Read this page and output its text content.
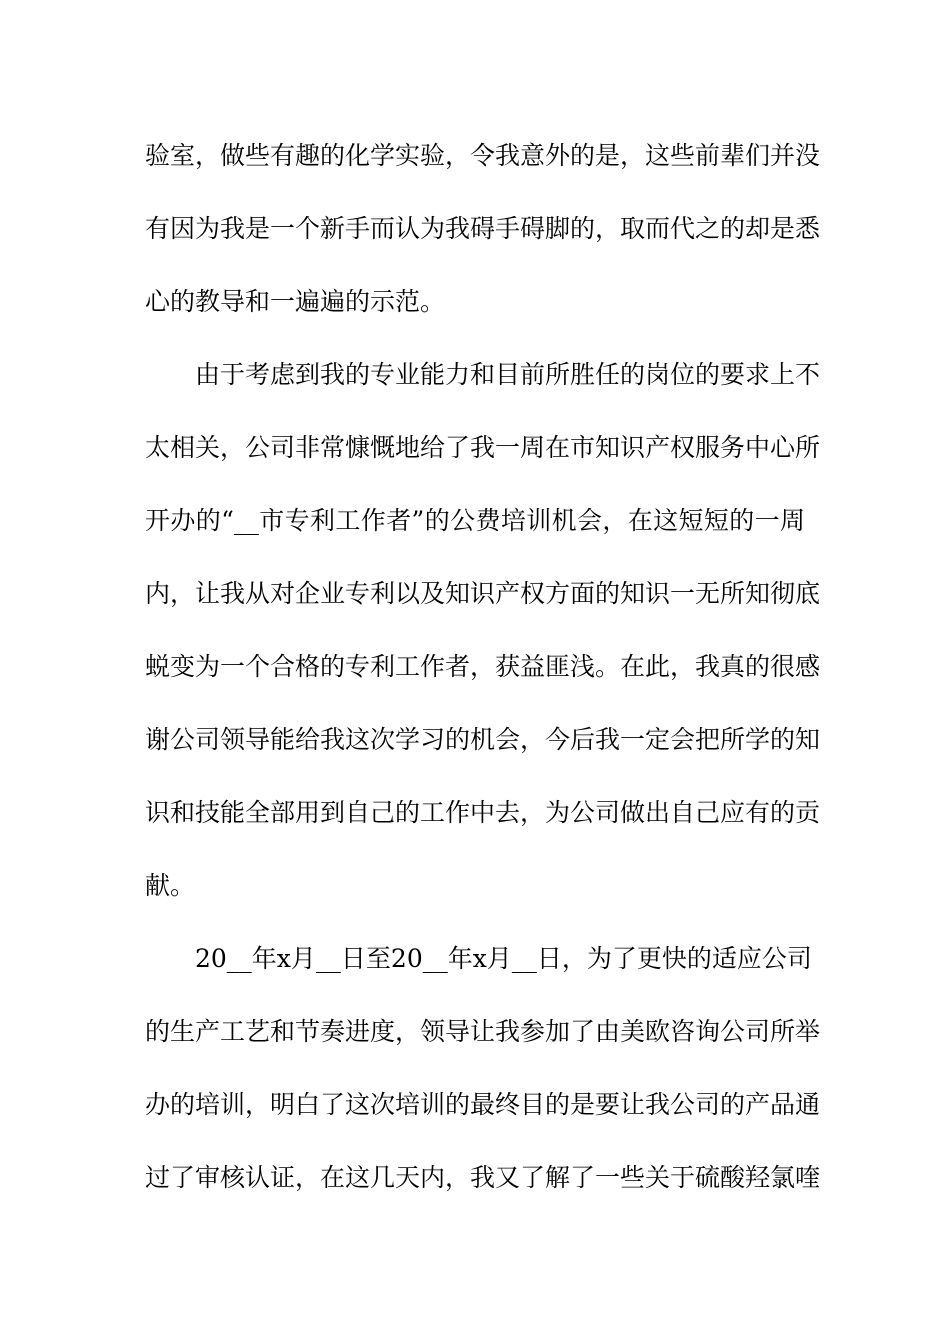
验室，做些有趣的化学实验，令我意外的是，这些前辈们并没
有因为我是一个新手而认为我碍手碍脚的，取而代之的却是悉
心的教导和一遍遍的示范。
由于考虑到我的专业能力和目前所胜任的岗位的要求上不
太相关，公司非常慷慨地给了我一周在市知识产权服务中心所
开办的“__市专利工作者”的公费培训机会，在这短短的一周
内，让我从对企业专利以及知识产权方面的知识一无所知彻底
蜕变为一个合格的专利工作者，获益匪浅。在此，我真的很感
谢公司领导能给我这次学习的机会，今后我一定会把所学的知
识和技能全部用到自己的工作中去，为公司做出自己应有的贡
献。
20__年x月__日至20__年x月__日，为了更快的适应公司
的生产工艺和节奏进度，领导让我参加了由美欧咨询公司所举
办的培训，明白了这次培训的最终目的是要让我公司的产品通
过了审核认证，在这几天内，我又了解了一些关于硫酸羟氯喹
